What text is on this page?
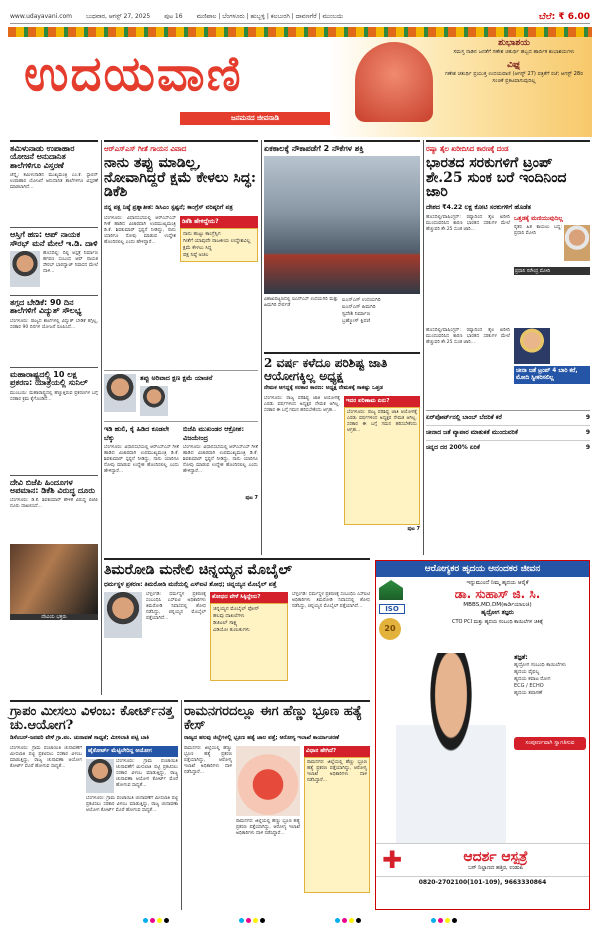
www.udayavani.com ಬುಧವಾರ, ಆಗಸ್ಟ್ 27, 2025 ಪುಟ 16 ಮಣಿಪಾಲ | ಬೆಂಗಳೂರು | ಹುಬ್ಬಳ್ಳಿ | ಕಲಬುರಗಿ | ದಾವಣಗೆರೆ | ಮುಂಬಯಿ	ಬೆಲೆ: ₹ 6.00
ಉದಯವಾಣಿ
ಜನಮನದ ಜೀವನಾಡಿ
ಶುಭಾಶಯ
ಸಮಸ್ತ ನಾಡಿನ ಜನತೆಗೆ ಗಣೇಶ ಚತುರ್ಥಿ ಹಬ್ಬದ ಹಾರ್ದಿಕ ಶುಭಾಶಯಗಳು
ವಿಘ್ನ
ಗಣೇಶ ಚತುರ್ಥಿ ಪ್ರಯುಕ್ತ ಉದಯವಾಣಿ (ಆಗಸ್ಟ್ 27) ಪತ್ರಿಕೆಗೆ ರಜೆ; ಆಗಸ್ಟ್ 28ರ ಸಂಚಿಕೆ ಪ್ರಕಟವಾಗುವುದಿಲ್ಲ
ತಮಿಳುನಾಡು ಉಪಾಹಾರ ಯೋಜನೆ ಅನುದಾನಿತ ಶಾಲೆಗಳಿಗೂ ವಿಸ್ತರಣೆ
ಚೆನ್ನೈ: ತಮಿಳುನಾಡಿನ ಮುಖ್ಯಮಂತ್ರಿ ಎಂ.ಕೆ. ಸ್ಟಾಲಿನ್ ಉಪಾಹಾರ ಯೋಜನೆ ಅನುದಾನಿತ ಶಾಲೆಗಳಿಗೂ ವಿಸ್ತರಣೆ ಮಾಡಲಾಗಿದೆ...
ಆಸ್ತಿಗೆ ಹಣ: ಆಪ್ ನಾಯಕ ಸೌರಭ್ ಮನೆ ಮೇಲೆ ಇ.ಡಿ. ದಾಳಿ
ಹೊಸದಿಲ್ಲಿ: ದಿಲ್ಲಿ ಆಸ್ಪತ್ರೆ ನಿರ್ಮಾಣ ಹಗರಣ ಸಂಬಂಧ ಆಪ್ ನಾಯಕ ಸೌರಭ್ ಭಾರದ್ವಾಜ್ ನಿವಾಸದ ಮೇಲೆ ದಾಳಿ...
ತಗ್ಗದ ಬೇಡಿಕೆ: 90 ದಿನ ಶಾಲೆಗಳಿಗೆ ವಿದ್ಯುತ್ ಸೌಲಭ್ಯ
ಬೆಂಗಳೂರು: ರಾಜ್ಯದ ಶಾಲೆಗಳಲ್ಲಿ ವಿದ್ಯುತ್ ಬೇಡಿಕೆ ತಗ್ಗಿಲ್ಲ, ಸರಕಾರ 90 ದಿನಗಳ ಯೋಜನೆ ರೂಪಿಸಿದೆ...
ಮಹಾರಾಷ್ಟ್ರದಲ್ಲಿ 10 ಲಕ್ಷ ಪ್ರಕರಣ: ಯಾತ್ರೆಯಲ್ಲಿ ಸುನಿಲ್
ಮುಂಬಯಿ: ಮಹಾರಾಷ್ಟ್ರದಲ್ಲಿ ಹೆಚ್ಚುತ್ತಿರುವ ಪ್ರಕರಣಗಳ ಬಗ್ಗೆ ಸರಕಾರ ಕ್ರಮ ಕೈಗೊಂಡಿದೆ...
ದೇವಿ ಬಿಜೆಪಿ ಹಿಂದೂಗಳ ಅಪಮಾನ: ಡಿಕೆಶಿ ವಿರುದ್ಧ ದೂರು
ಬೆಂಗಳೂರು: ಡಿ.ಕೆ. ಶಿವಕುಮಾರ್ ಹೇಳಿಕೆ ವಿರುದ್ಧ ಬಿಜೆಪಿ ದೂರು ದಾಖಲಿಸಿದೆ...
ದೇವಿಯ ಭಕ್ತರು
ಆರ್‌ಎಸ್‌ಎಸ್ ಗೀತೆ ಗಾಯನ ವಿವಾದ
ನಾನು ತಪ್ಪು ಮಾಡಿಲ್ಲ, ನೋವಾಗಿದ್ದರೆ ಕ್ಷಮೆ ಕೇಳಲು ಸಿದ್ಧ: ಡಿಕೆಶಿ
ನನ್ನ ಪಕ್ಷ ನಿಷ್ಠೆ ಪ್ರಶ್ನಾತೀತ: ಡಿಸಿಎಂ ಸ್ಪಷ್ಟನೆ; ಕಾಂಗ್ರೆಸ್ ವರಿಷ್ಠರಿಗೆ ಪತ್ರ
ಬೆಂಗಳೂರು: ವಿಧಾನಸಭೆಯಲ್ಲಿ ಆರ್‌ಎಸ್‌ಎಸ್ ಗೀತೆ ಹಾಡಿದ ವಿಚಾರವಾಗಿ ಉಪಮುಖ್ಯಮಂತ್ರಿ ಡಿ.ಕೆ. ಶಿವಕುಮಾರ್ ಸ್ಪಷ್ಟನೆ ನೀಡಿದ್ದು, ನಾನು ಯಾರಿಗೂ ನೋವು ಮಾಡುವ ಉದ್ದೇಶ ಹೊಂದಿರಲಿಲ್ಲ ಎಂದು ಹೇಳಿದ್ದಾರೆ...
ಡಿಕೆಶಿ ಹೇಳಿದ್ದೇನು?
ನಾನು ಹುಟ್ಟು ಕಾಂಗ್ರೆಸ್ಸಿಗ
ಗೀತೆಗೆ ಯಾವುದೇ ರಾಜಕೀಯ ಉದ್ದೇಶವಿಲ್ಲ
ಕ್ಷಮೆ ಕೇಳಲು ಸಿದ್ಧ
ಪಕ್ಷ ನಿಷ್ಠೆ ಅಚಲ
ತಪ್ಪು ಅರಿವಾದ ಕ್ಷಣ ಕ್ಷಮೆ ಯಾಚನೆ
ಇಡಿ ಹುಲಿ, ಕೈ ಹಿಡಿದ ಕೂಡಲೇ ಬೆಕ್ಕು
ಬೆಂಗಳೂರು: ವಿಧಾನಸಭೆಯಲ್ಲಿ ಆರ್‌ಎಸ್‌ಎಸ್ ಗೀತೆ ಹಾಡಿದ ವಿಚಾರವಾಗಿ ಉಪಮುಖ್ಯಮಂತ್ರಿ ಡಿ.ಕೆ. ಶಿವಕುಮಾರ್ ಸ್ಪಷ್ಟನೆ ನೀಡಿದ್ದು, ನಾನು ಯಾರಿಗೂ ನೋವು ಮಾಡುವ ಉದ್ದೇಶ ಹೊಂದಿರಲಿಲ್ಲ ಎಂದು ಹೇಳಿದ್ದಾರೆ...
ಬಿಜೆಪಿ ಮುಖಂಡರ ಆಕ್ರೋಶ: ವಿಜಯೇಂದ್ರ
ಬೆಂಗಳೂರು: ವಿಧಾನಸಭೆಯಲ್ಲಿ ಆರ್‌ಎಸ್‌ಎಸ್ ಗೀತೆ ಹಾಡಿದ ವಿಚಾರವಾಗಿ ಉಪಮುಖ್ಯಮಂತ್ರಿ ಡಿ.ಕೆ. ಶಿವಕುಮಾರ್ ಸ್ಪಷ್ಟನೆ ನೀಡಿದ್ದು, ನಾನು ಯಾರಿಗೂ ನೋವು ಮಾಡುವ ಉದ್ದೇಶ ಹೊಂದಿರಲಿಲ್ಲ ಎಂದು ಹೇಳಿದ್ದಾರೆ...
ಪುಟ 7
ಏಕಕಾಲಕ್ಕೆ ನೌಕಾಪಡೆಗೆ 2 ನೌಕೆಗಳ ಶಕ್ತಿ
ವಿಶಾಖಪಟ್ಟಣದಲ್ಲಿ ಐಎನ್‌ಎಸ್ ಉದಯಗಿರಿ ಮತ್ತು ಹಿಮಗಿರಿ ಸೇರ್ಪಡೆ
ಐಎನ್‌ಎಸ್ ಉದಯಗಿರಿ
ಐಎನ್‌ಎಸ್ ಹಿಮಗಿರಿ
ಸ್ವದೇಶಿ ನಿರ್ಮಾಣ
ಬ್ರಹ್ಮೋಸ್ ಕ್ಷಿಪಣಿ
2 ವರ್ಷ ಕಳೆದೂ ಪರಿಶಿಷ್ಟ ಜಾತಿ ಆಯೋಗಕ್ಕಿಲ್ಲ ಅಧ್ಯಕ್ಷ
ನೇಮಕ ಆಗದ್ದಕ್ಕೆ ಸರಕಾರ ಕಾರಣ: ಅಧ್ಯಕ್ಷ ನೇಮಕಕ್ಕೆ ಸಾಕಷ್ಟು ಒತ್ತಡ
ಬೆಂಗಳೂರು: ರಾಜ್ಯ ಪರಿಶಿಷ್ಟ ಜಾತಿ ಆಯೋಗಕ್ಕೆ ಎರಡು ವರ್ಷಗಳಿಂದ ಅಧ್ಯಕ್ಷರ ನೇಮಕ ಆಗಿಲ್ಲ. ಸರಕಾರ ಈ ಬಗ್ಗೆ ಗಮನ ಹರಿಸಬೇಕೆಂದು ಆಗ್ರಹ...
ಇದರ ಪರಿಣಾಮ ಏನು?
ಬೆಂಗಳೂರು: ರಾಜ್ಯ ಪರಿಶಿಷ್ಟ ಜಾತಿ ಆಯೋಗಕ್ಕೆ ಎರಡು ವರ್ಷಗಳಿಂದ ಅಧ್ಯಕ್ಷರ ನೇಮಕ ಆಗಿಲ್ಲ. ಸರಕಾರ ಈ ಬಗ್ಗೆ ಗಮನ ಹರಿಸಬೇಕೆಂದು ಆಗ್ರಹ...
ಪುಟ 7
ರಷ್ಯಾ ತೈಲ ಖರೀದಿಸಿದ ಕಾರಣಕ್ಕೆ ದಂಡ
ಭಾರತದ ಸರಕುಗಳಿಗೆ ಟ್ರಂಪ್ ಶೇ.25 ಸುಂಕ ಬರೆ ಇಂದಿನಿಂದ ಜಾರಿ
ದೇಶದ ₹4.22 ಲಕ್ಷ ಕೋಟಿ ಸರಕುಗಳಿಗೆ ಹೊಡೆತ
ಹೊಸದಿಲ್ಲಿ/ವಾಷಿಂಗ್ಟನ್: ರಷ್ಯಾದಿಂದ ತೈಲ ಖರೀದಿ ಮುಂದುವರಿಸಿದ ಕಾರಣ ಭಾರತದ ಸರಕುಗಳ ಮೇಲೆ ಹೆಚ್ಚುವರಿ ಶೇ.25 ಸುಂಕ ಜಾರಿ...
ಒತ್ತಡಕ್ಕೆ ಮಣಿಯುವುದಿಲ್ಲ
ರೈತರ ಹಿತ ಕಾಯಲು ಬದ್ಧ: ಪ್ರಧಾನಿ ಮೋದಿ
ಪ್ರಧಾನಿ ನರೇಂದ್ರ ಮೋದಿ
ಹೊಸದಿಲ್ಲಿ/ವಾಷಿಂಗ್ಟನ್: ರಷ್ಯಾದಿಂದ ತೈಲ ಖರೀದಿ ಮುಂದುವರಿಸಿದ ಕಾರಣ ಭಾರತದ ಸರಕುಗಳ ಮೇಲೆ ಹೆಚ್ಚುವರಿ ಶೇ.25 ಸುಂಕ ಜಾರಿ...
ಚೀನಾ ಜತೆ ಟ್ರಂಪ್ 4 ಬಾರಿ ಕರೆ, ಮೋದಿ ಸ್ವೀಕರಿಸಲಿಲ್ಲ
ಏರ್‌ಪೋರ್ಟ್‌ನಲ್ಲಿ ಬಾಂಬ್ ಬೆದರಿಕೆ ಕರೆ	9
ಚೀನಾದ ಜತೆ ವ್ಯಾಪಾರ ಮಾತುಕತೆ ಮುಂದುವರಿಕೆ	9
ಚಿನ್ನದ ದರ 200% ಏರಿಕೆ	9
ತಿಮರೋಡಿ ಮನೇಲಿ ಚಿನ್ನಯ್ಯನ ಮೊಬೈಲ್
ಧರ್ಮಸ್ಥಳ ಪ್ರಕರಣ: ತಿಮರೋಡಿ ಮನೆಯಲ್ಲಿ ಎಸ್‌ಐಟಿ ಶೋಧ; ಚಿನ್ನಯ್ಯನ ಮೊಬೈಲ್ ಪತ್ತೆ
ಬೆಳ್ತಂಗಡಿ: ಧರ್ಮಸ್ಥಳ ಪ್ರಕರಣಕ್ಕೆ ಸಂಬಂಧಿಸಿ ಎಸ್‌ಐಟಿ ಅಧಿಕಾರಿಗಳು ತಿಮರೋಡಿ ನಿವಾಸದಲ್ಲಿ ಶೋಧ ನಡೆಸಿದ್ದು, ಚಿನ್ನಯ್ಯನ ಮೊಬೈಲ್ ಪತ್ತೆಯಾಗಿದೆ...
ಶೋಧದ ವೇಳೆ ಸಿಕ್ಕಿದ್ದೇನು?
ಚಿನ್ನಯ್ಯನ ಮೊಬೈಲ್ ಫೋನ್
ಹಲವು ದಾಖಲೆಗಳು
ಡಿಜಿಟಲ್ ಸಾಕ್ಷ್ಯ
ವಿಡಿಯೋ ತುಣುಕುಗಳು
ಬೆಳ್ತಂಗಡಿ: ಧರ್ಮಸ್ಥಳ ಪ್ರಕರಣಕ್ಕೆ ಸಂಬಂಧಿಸಿ ಎಸ್‌ಐಟಿ ಅಧಿಕಾರಿಗಳು ತಿಮರೋಡಿ ನಿವಾಸದಲ್ಲಿ ಶೋಧ ನಡೆಸಿದ್ದು, ಚಿನ್ನಯ್ಯನ ಮೊಬೈಲ್ ಪತ್ತೆಯಾಗಿದೆ...
ಆರೋಗ್ಯಕರ ಹೃದಯ ಆನಂದಕರ ಜೀವನ
ISO
20
ಇನ್ನುಮುಂದೆ ನಿಮ್ಮ ಹೃದಯ ಆರೈಕೆ
ಡಾ. ಸುಹಾಸ್ ಜಿ. ಸಿ.
MBBS,MD,DM(ಕಾರ್ಡಿಯಾಲಜಿ)
ಹೃದ್ರೋಗ ತಜ್ಞರು
CTO PCI ಮತ್ತು ಹೃದಯ ಸಂಬಂಧಿ ಕಾಯಿಲೆಗಳ ಚಿಕಿತ್ಸೆ
ತಜ್ಞತೆ:
ಹೃದ್ರೋಗ ಸಂಬಂಧಿ ಕಾಯಿಲೆಗಳು
ಹೃದಯ ವೈಫಲ್ಯ
ಹೃದಯ ಕವಾಟ ರೋಗ
ECG / ECHO
ಹೃದಯ ತಪಾಸಣೆ
ಸಂಪೂರ್ಣವಾಗಿ ಸ್ವಾಗತಿಸುವ
✚	ಆದರ್ಶ ಆಸ್ಪತ್ರೆ
ಬಸ್ ನಿಲ್ದಾಣದ ಹತ್ತಿರ, ಉಡುಪಿ
0820-2702100(101-109), 9663330864
ಗ್ರಾಪಂ ಮೀಸಲು ವಿಳಂಬ: ಕೋರ್ಟ್‌ನತ್ತ ಚು.ಆಯೋಗ?
ಡಿಸೆಂಬರ್‌-ಜನವರಿ ವೇಳೆ ಗ್ರಾ.ಪಂ. ಚುನಾವಣೆ ಸಾಧ್ಯತೆ; ಮೀಸಲಾತಿ ಪಟ್ಟಿ ಬಾಕಿ
ಬೆಂಗಳೂರು: ಗ್ರಾಮ ಪಂಚಾಯಿತಿ ಚುನಾವಣೆಗೆ ಮೀಸಲಾತಿ ಪಟ್ಟಿ ಪ್ರಕಟಿಸಲು ಸರಕಾರ ವಿಳಂಬ ಮಾಡುತ್ತಿದ್ದು, ರಾಜ್ಯ ಚುನಾವಣಾ ಆಯೋಗ ಕೋರ್ಟ್ ಮೊರೆ ಹೋಗುವ ಸಾಧ್ಯತೆ...
ಹೈಕೋರ್ಟ್ ಮೆಟ್ಟಿಲೇರಿದ್ದ ಆಯೋಗ
ಬೆಂಗಳೂರು: ಗ್ರಾಮ ಪಂಚಾಯಿತಿ ಚುನಾವಣೆಗೆ ಮೀಸಲಾತಿ ಪಟ್ಟಿ ಪ್ರಕಟಿಸಲು ಸರಕಾರ ವಿಳಂಬ ಮಾಡುತ್ತಿದ್ದು, ರಾಜ್ಯ ಚುನಾವಣಾ ಆಯೋಗ ಕೋರ್ಟ್ ಮೊರೆ ಹೋಗುವ ಸಾಧ್ಯತೆ...
ಬೆಂಗಳೂರು: ಗ್ರಾಮ ಪಂಚಾಯಿತಿ ಚುನಾವಣೆಗೆ ಮೀಸಲಾತಿ ಪಟ್ಟಿ ಪ್ರಕಟಿಸಲು ಸರಕಾರ ವಿಳಂಬ ಮಾಡುತ್ತಿದ್ದು, ರಾಜ್ಯ ಚುನಾವಣಾ ಆಯೋಗ ಕೋರ್ಟ್ ಮೊರೆ ಹೋಗುವ ಸಾಧ್ಯತೆ...
ರಾಮನಗರದಲ್ಲೂ ಈಗ ಹೆಣ್ಣು ಭ್ರೂಣ ಹತ್ಯೆ ಕೇಸ್
ರಾಜ್ಯದ ಹಲವು ಜಿಲ್ಲೆಗಳಲ್ಲಿ ಭ್ರೂಣ ಹತ್ಯೆ ಜಾಲ ಪತ್ತೆ; ಆರೋಗ್ಯ ಇಲಾಖೆ ಕಾರ್ಯಾಚರಣೆ
ರಾಮನಗರ: ಜಿಲ್ಲೆಯಲ್ಲಿ ಹೆಣ್ಣು ಭ್ರೂಣ ಹತ್ಯೆ ಪ್ರಕರಣ ಪತ್ತೆಯಾಗಿದ್ದು, ಆರೋಗ್ಯ ಇಲಾಖೆ ಅಧಿಕಾರಿಗಳು ದಾಳಿ ನಡೆಸಿದ್ದಾರೆ...
ರಾಮನಗರ: ಜಿಲ್ಲೆಯಲ್ಲಿ ಹೆಣ್ಣು ಭ್ರೂಣ ಹತ್ಯೆ ಪ್ರಕರಣ ಪತ್ತೆಯಾಗಿದ್ದು, ಆರೋಗ್ಯ ಇಲಾಖೆ ಅಧಿಕಾರಿಗಳು ದಾಳಿ ನಡೆಸಿದ್ದಾರೆ...
ವಿಧಾನ ಹೇಗಿದೆ?
ರಾಮನಗರ: ಜಿಲ್ಲೆಯಲ್ಲಿ ಹೆಣ್ಣು ಭ್ರೂಣ ಹತ್ಯೆ ಪ್ರಕರಣ ಪತ್ತೆಯಾಗಿದ್ದು, ಆರೋಗ್ಯ ಇಲಾಖೆ ಅಧಿಕಾರಿಗಳು ದಾಳಿ ನಡೆಸಿದ್ದಾರೆ...
